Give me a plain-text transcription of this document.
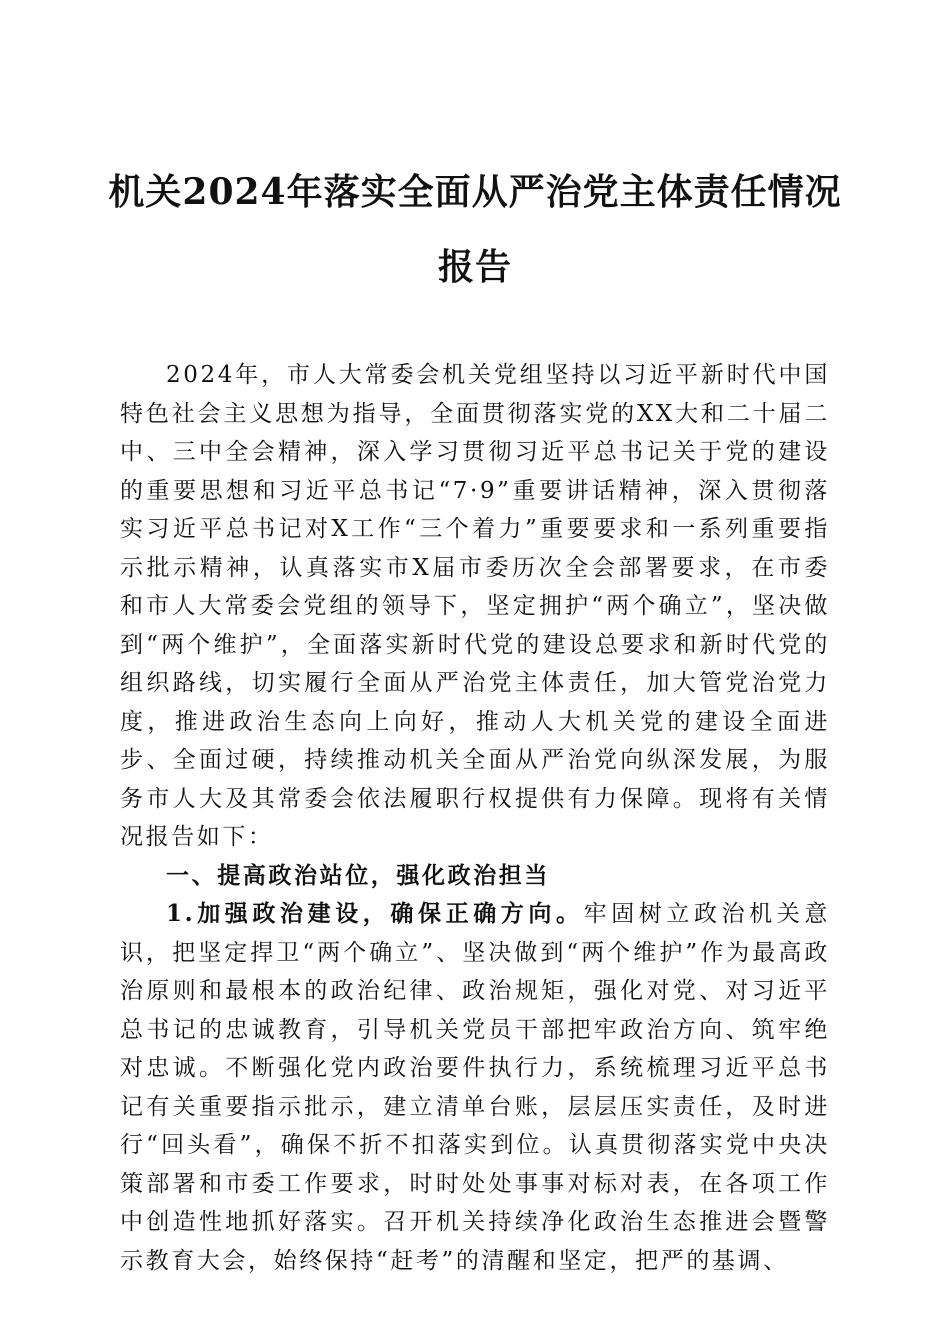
机关2024年落实全面从严治党主体责任情况
报告

2024年，市人大常委会机关党组坚持以习近平新时代中国特色社会主义思想为指导，全面贯彻落实党的XX大和二十届二中、三中全会精神，深入学习贯彻习近平总书记关于党的建设的重要思想和习近平总书记“7·9”重要讲话精神，深入贯彻落实习近平总书记对X工作“三个着力”重要要求和一系列重要指示批示精神，认真落实市X届市委历次全会部署要求，在市委和市人大常委会党组的领导下，坚定拥护“两个确立”，坚决做到“两个维护”，全面落实新时代党的建设总要求和新时代党的组织路线，切实履行全面从严治党主体责任，加大管党治党力度，推进政治生态向上向好，推动人大机关党的建设全面进步、全面过硬，持续推动机关全面从严治党向纵深发展，为服务市人大及其常委会依法履职行权提供有力保障。现将有关情况报告如下：

一、提高政治站位，强化政治担当

1.加强政治建设，确保正确方向。牢固树立政治机关意识，把坚定捍卫“两个确立”、坚决做到“两个维护”作为最高政治原则和最根本的政治纪律、政治规矩，强化对党、对习近平总书记的忠诚教育，引导机关党员干部把牢政治方向、筑牢绝对忠诚。不断强化党内政治要件执行力，系统梳理习近平总书记有关重要指示批示，建立清单台账，层层压实责任，及时进行“回头看”，确保不折不扣落实到位。认真贯彻落实党中央决策部署和市委工作要求，时时处处事事对标对表，在各项工作中创造性地抓好落实。召开机关持续净化政治生态推进会暨警示教育大会，始终保持“赶考”的清醒和坚定，把严的基调、
